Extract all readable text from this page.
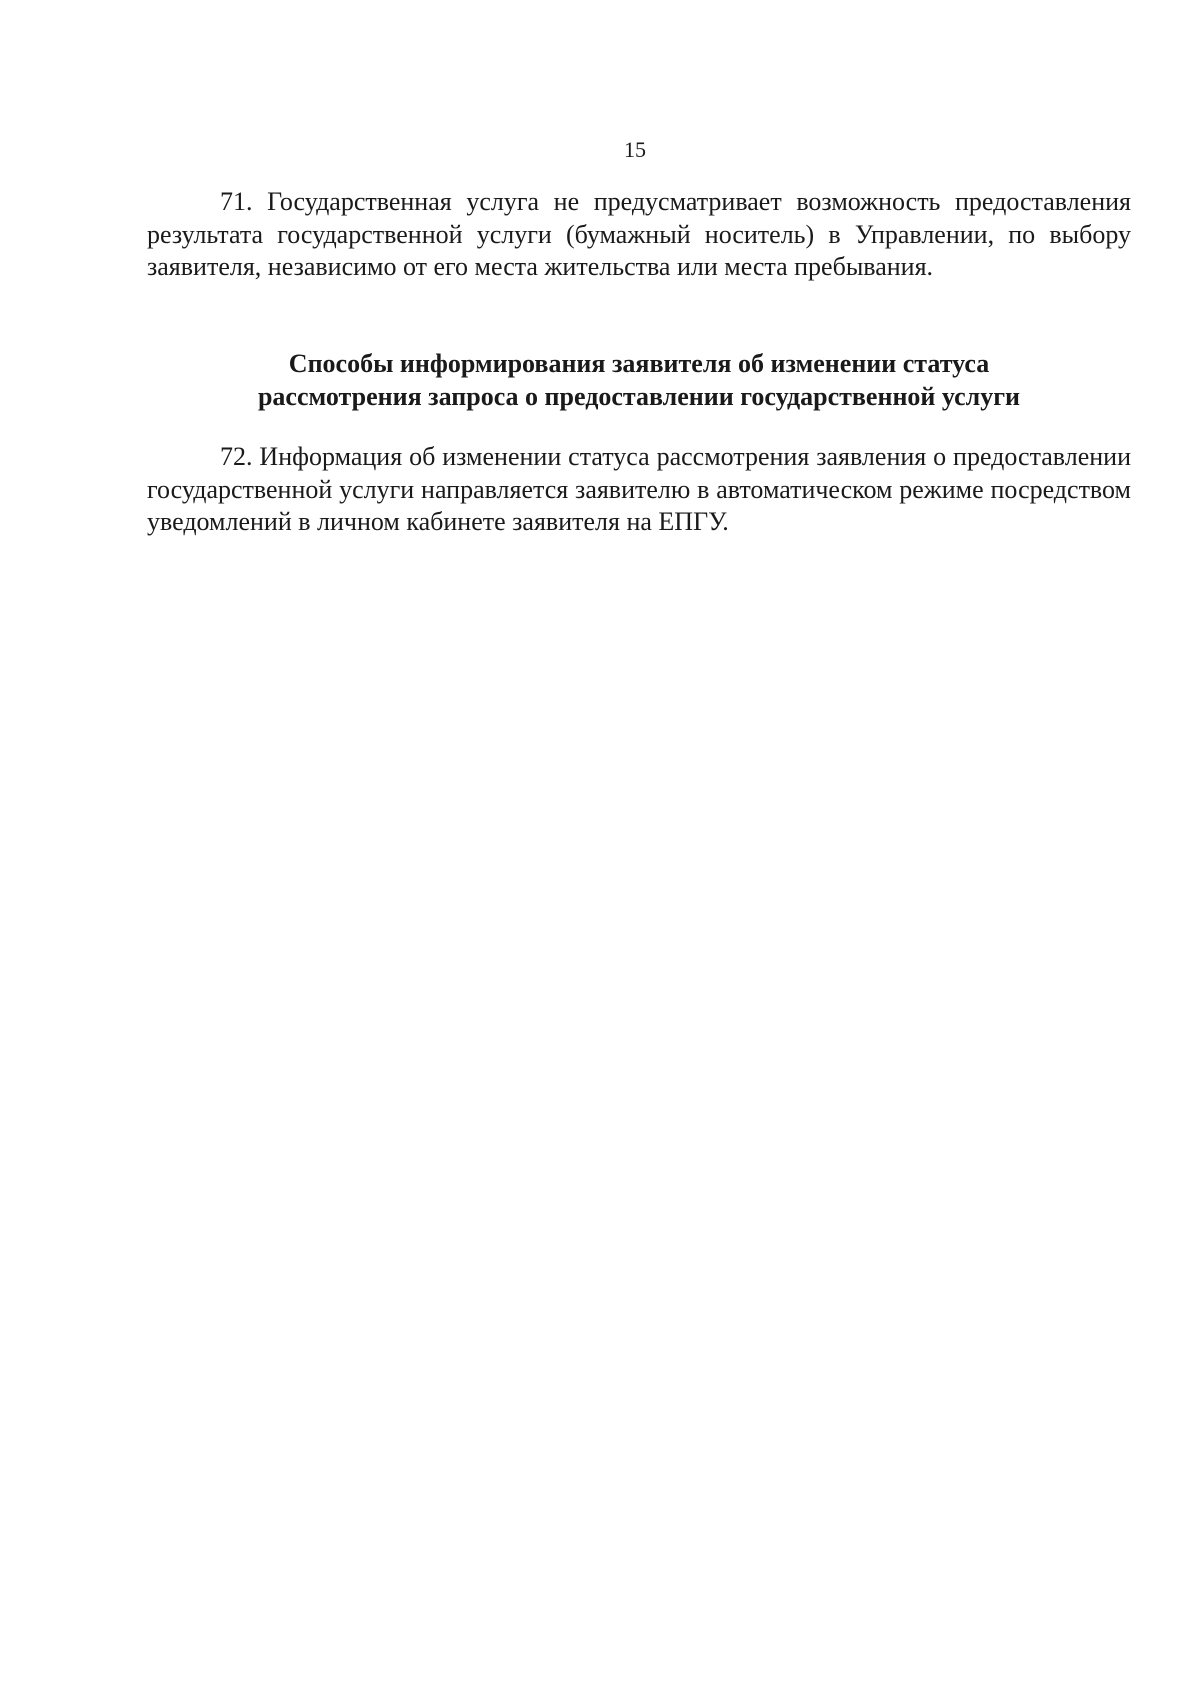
15

71. Государственная услуга не предусматривает возможность предоставления результата государственной услуги (бумажный носитель) в Управлении, по выбору заявителя, независимо от его места жительства или места пребывания.

Способы информирования заявителя об изменении статуса
рассмотрения запроса о предоставлении государственной услуги

72. Информация об изменении статуса рассмотрения заявления о предоставлении государственной услуги направляется заявителю в автоматическом режиме посредством уведомлений в личном кабинете заявителя на ЕПГУ.
